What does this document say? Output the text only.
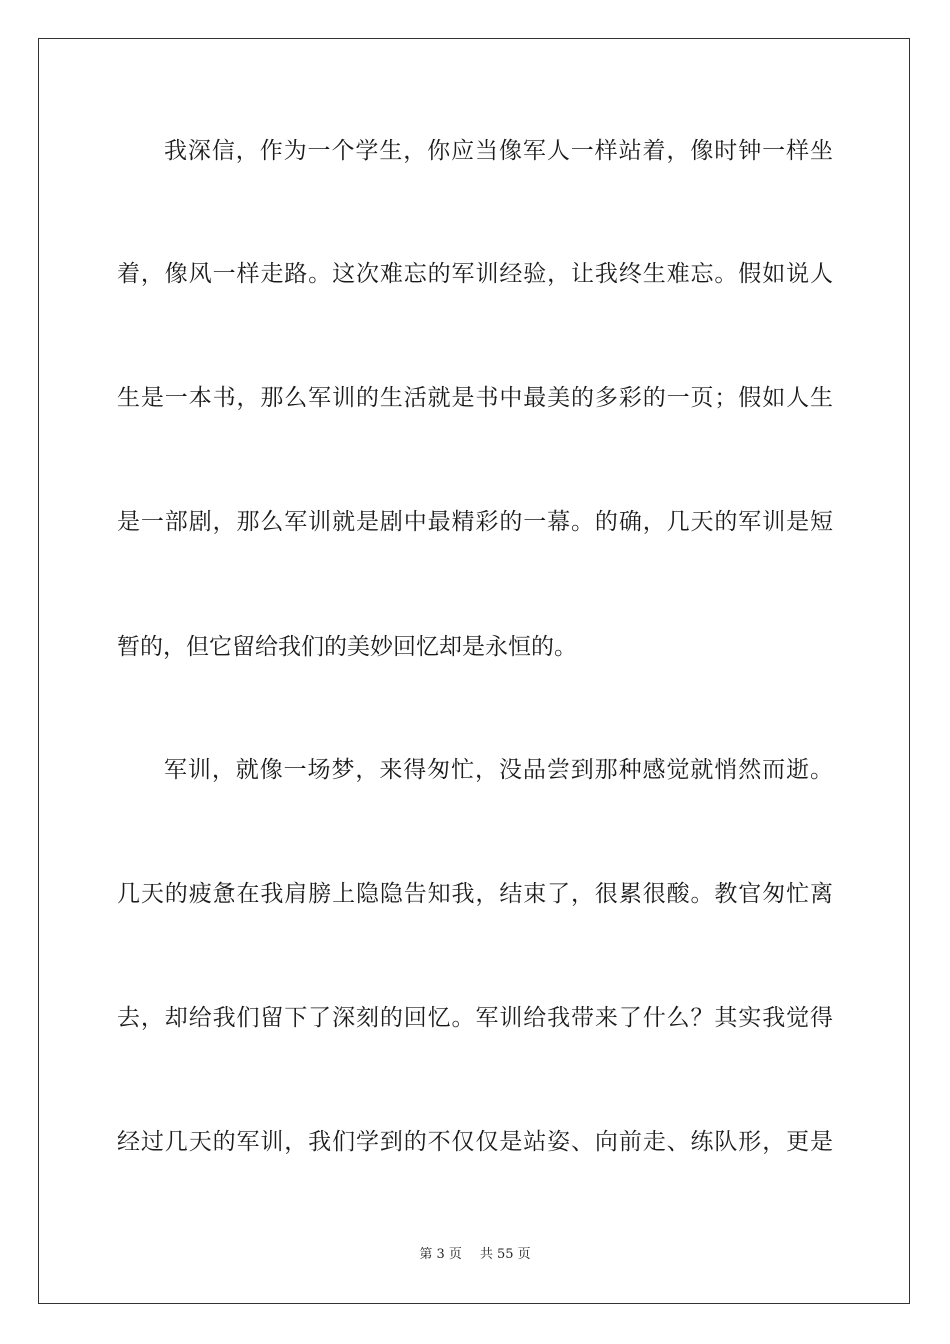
我深信，作为一个学生，你应当像军人一样站着，像时钟一样坐
着，像风一样走路。这次难忘的军训经验，让我终生难忘。假如说人
生是一本书，那么军训的生活就是书中最美的多彩的一页；假如人生
是一部剧，那么军训就是剧中最精彩的一幕。的确，几天的军训是短
暂的，但它留给我们的美妙回忆却是永恒的。
军训，就像一场梦，来得匆忙，没品尝到那种感觉就悄然而逝。
几天的疲惫在我肩膀上隐隐告知我，结束了，很累很酸。教官匆忙离
去，却给我们留下了深刻的回忆。军训给我带来了什么？其实我觉得
经过几天的军训，我们学到的不仅仅是站姿、向前走、练队形，更是
第 3 页 共 55 页
